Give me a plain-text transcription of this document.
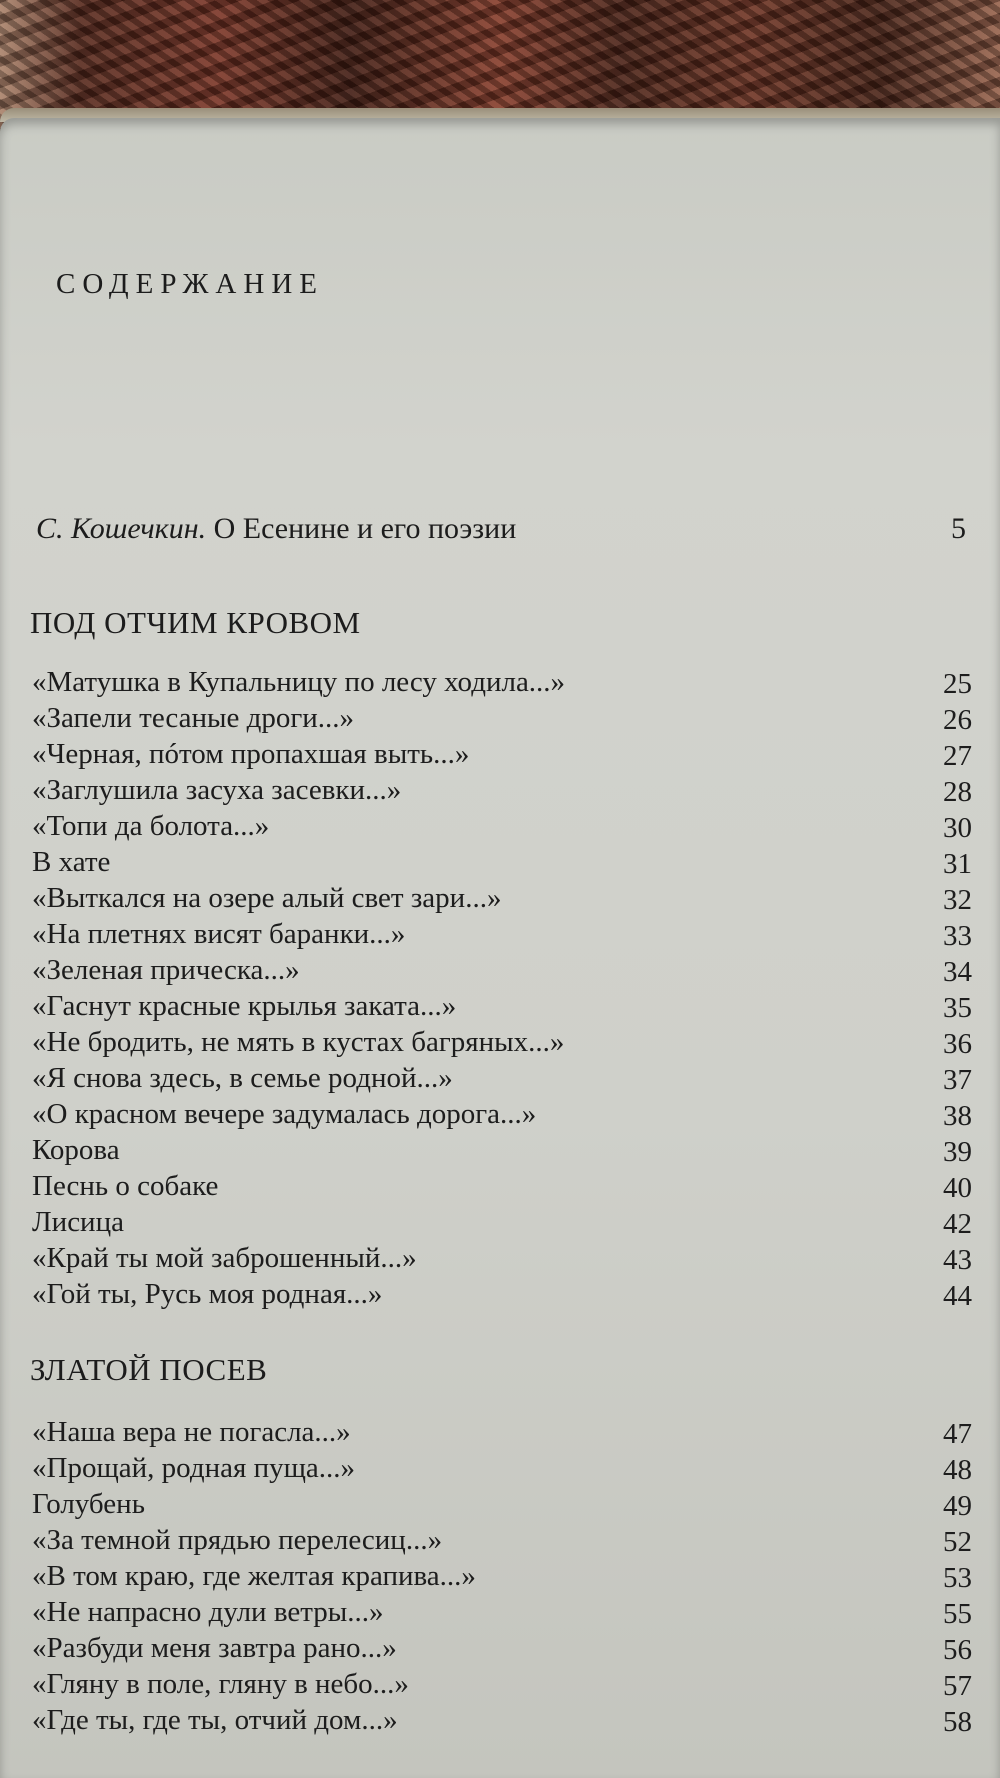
СОДЕРЖАНИЕ
С. Кошечкин. О Есенине и его поэзии	5
ПОД ОТЧИМ КРОВОМ
«Матушка в Купальницу по лесу ходила...»	25
«Запели тесаные дроги...»	26
«Черная, пóтом пропахшая выть...»	27
«Заглушила засуха засевки...»	28
«Топи да болота...»	30
В хате	31
«Выткался на озере алый свет зари...»	32
«На плетнях висят баранки...»	33
«Зеленая прическа...»	34
«Гаснут красные крылья заката...»	35
«Не бродить, не мять в кустах багряных...»	36
«Я снова здесь, в семье родной...»	37
«О красном вечере задумалась дорога...»	38
Корова	39
Песнь о собаке	40
Лисица	42
«Край ты мой заброшенный...»	43
«Гой ты, Русь моя родная...»	44
ЗЛАТОЙ ПОСЕВ
«Наша вера не погасла...»	47
«Прощай, родная пуща...»	48
Голубень	49
«За темной прядью перелесиц...»	52
«В том краю, где желтая крапива...»	53
«Не напрасно дули ветры...»	55
«Разбуди меня завтра рано...»	56
«Гляну в поле, гляну в небо...»	57
«Где ты, где ты, отчий дом...»	58
